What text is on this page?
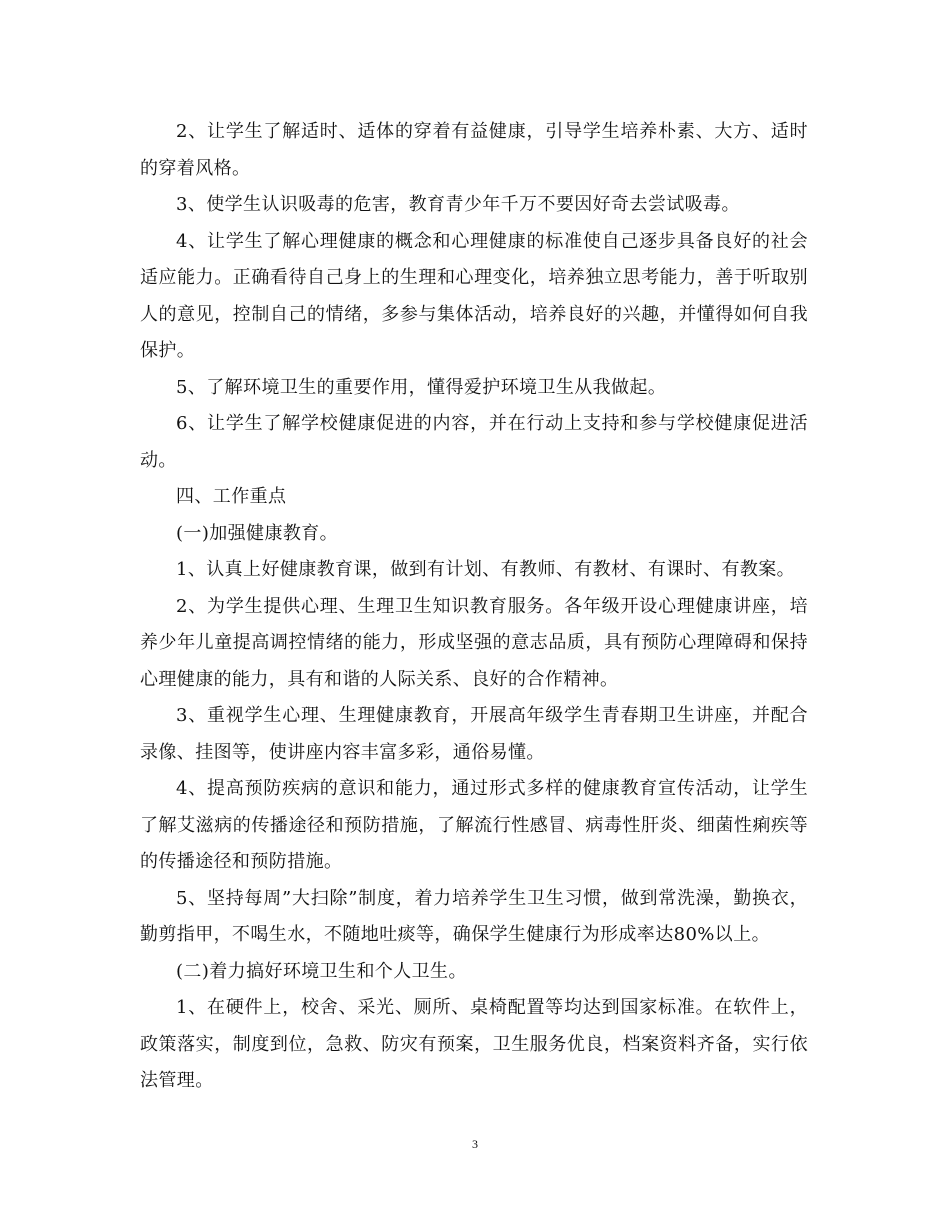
2、让学生了解适时、适体的穿着有益健康，引导学生培养朴素、大方、适时的穿着风格。

3、使学生认识吸毒的危害，教育青少年千万不要因好奇去尝试吸毒。

4、让学生了解心理健康的概念和心理健康的标准使自己逐步具备良好的社会适应能力。正确看待自己身上的生理和心理变化，培养独立思考能力，善于听取别人的意见，控制自己的情绪，多参与集体活动，培养良好的兴趣，并懂得如何自我保护。

5、了解环境卫生的重要作用，懂得爱护环境卫生从我做起。

6、让学生了解学校健康促进的内容，并在行动上支持和参与学校健康促进活动。

四、工作重点

(一)加强健康教育。

1、认真上好健康教育课，做到有计划、有教师、有教材、有课时、有教案。

2、为学生提供心理、生理卫生知识教育服务。各年级开设心理健康讲座，培养少年儿童提高调控情绪的能力，形成坚强的意志品质，具有预防心理障碍和保持心理健康的能力，具有和谐的人际关系、良好的合作精神。

3、重视学生心理、生理健康教育，开展高年级学生青春期卫生讲座，并配合录像、挂图等，使讲座内容丰富多彩，通俗易懂。

4、提高预防疾病的意识和能力，通过形式多样的健康教育宣传活动，让学生了解艾滋病的传播途径和预防措施，了解流行性感冒、病毒性肝炎、细菌性痢疾等的传播途径和预防措施。

5、坚持每周”大扫除”制度，着力培养学生卫生习惯，做到常洗澡，勤换衣，勤剪指甲，不喝生水，不随地吐痰等，确保学生健康行为形成率达80%以上。

(二)着力搞好环境卫生和个人卫生。

1、在硬件上，校舍、采光、厕所、桌椅配置等均达到国家标准。在软件上，政策落实，制度到位，急救、防灾有预案，卫生服务优良，档案资料齐备，实行依法管理。

3
